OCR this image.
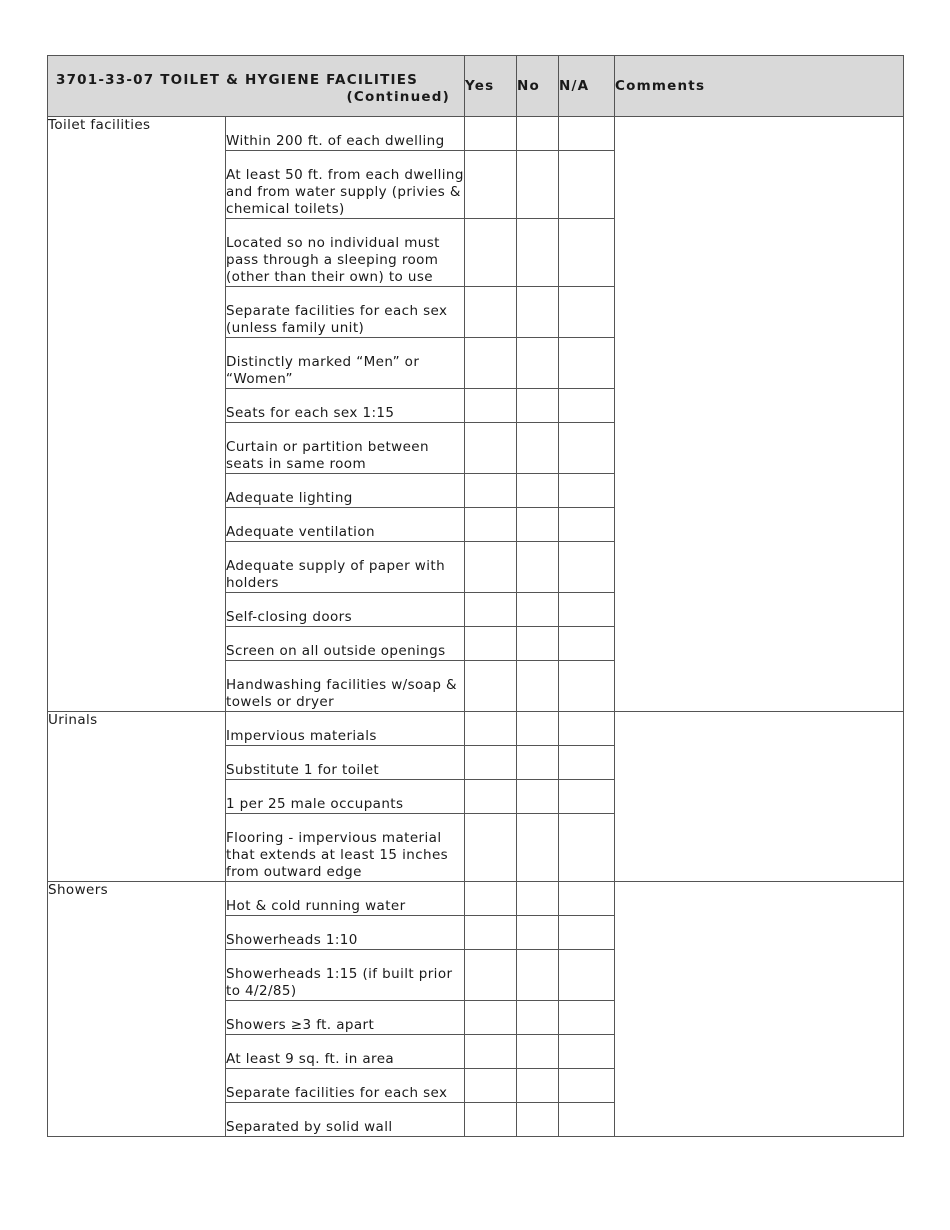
3701-33-07 TOILET & HYGIENE FACILITIES
(Continued)		Yes	No	N/A	Comments
Toilet facilities	Within 200 ft. of each dwelling				
	At least 50 ft. from each dwelling and from water supply (privies & chemical toilets)				
	Located so no individual must pass through a sleeping room (other than their own) to use				
	Separate facilities for each sex (unless family unit)				
	Distinctly marked “Men” or “Women”				
	Seats for each sex 1:15				
	Curtain or partition between seats in same room				
	Adequate lighting				
	Adequate ventilation				
	Adequate supply of paper with holders				
	Self-closing doors				
	Screen on all outside openings				
	Handwashing facilities w/soap & towels or dryer				
Urinals	Impervious materials				
	Substitute 1 for toilet				
	1 per 25 male occupants				
	Flooring - impervious material that extends at least 15 inches from outward edge				
Showers	Hot & cold running water				
	Showerheads 1:10				
	Showerheads 1:15 (if built prior to 4/2/85)				
	Showers ≥3 ft. apart				
	At least 9 sq. ft. in area				
	Separate facilities for each sex				
	Separated by solid wall				
